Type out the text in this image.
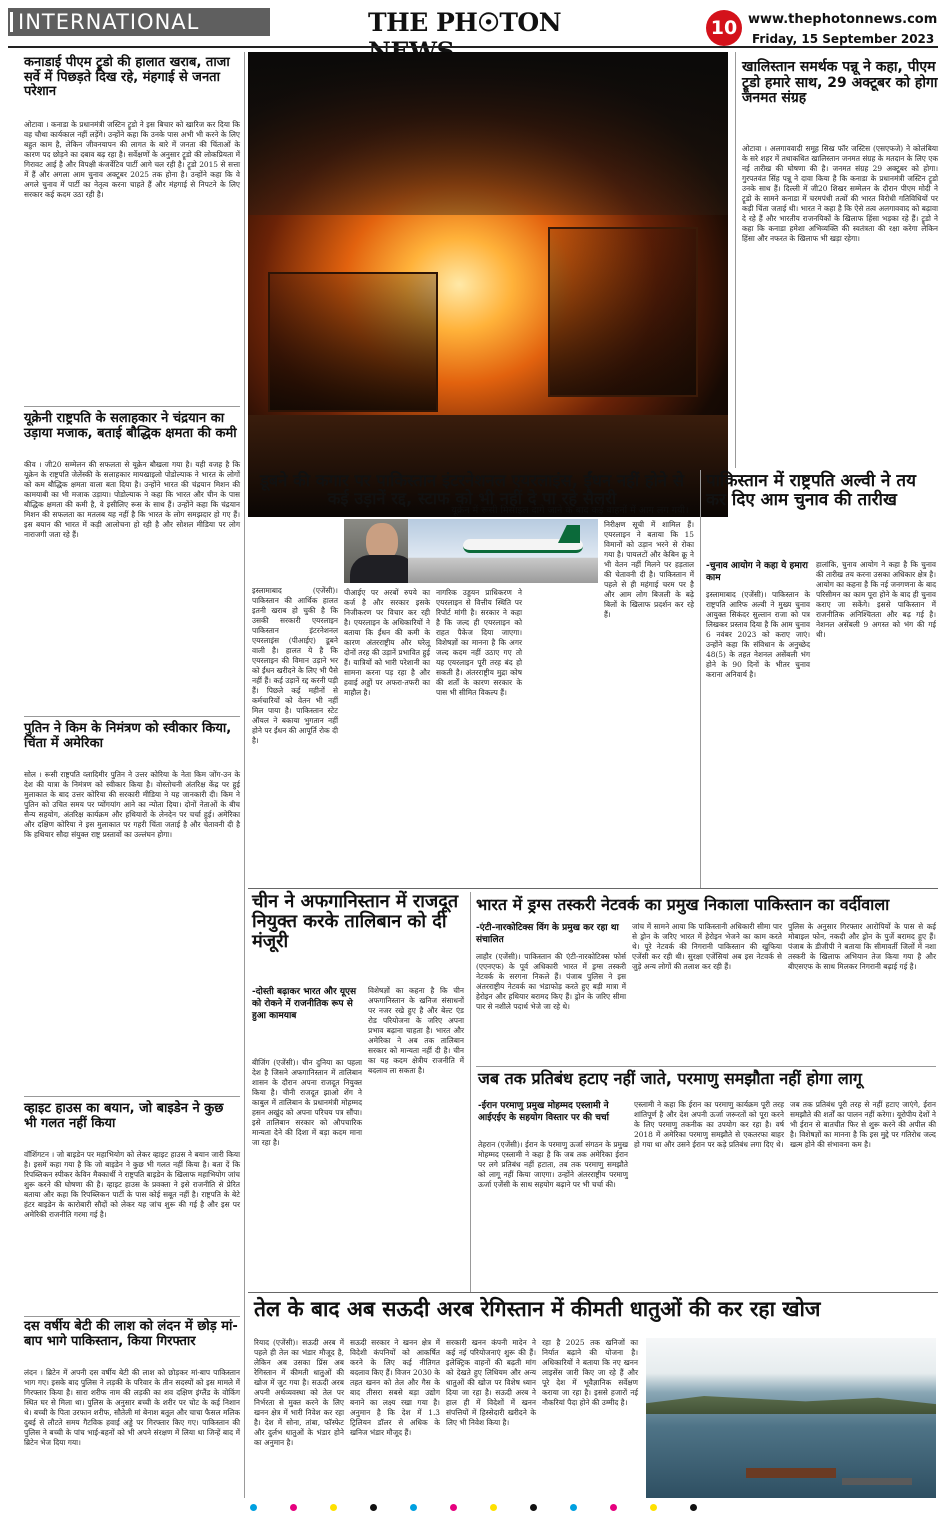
INTERNATIONAL	THE PH☉TON	10 www.thephotonnews.com
Friday, 15 September 2023
कनाडाई पीएम ट्रूडो की हालात खराब, ताजा सर्वे में पिछड़ते दिख रहे, मंहगाई से जनता परेशान
ओटावा । कनाडा के प्रधानमंत्री जस्टिन ट्रूडो ने इस बिचार को खारिज कर दिया कि वह चौथा कार्यकाल नहीं लड़ेंगे। उन्होंने कहा कि उनके पास अभी भी करने के लिए बहुत काम है, लेकिन जीवनयापन की लागत के बारे में जनता की चिंताओं के कारण पद छोड़ने का दबाव बढ़ रहा है। सर्वेक्षणों के अनुसार ट्रूडो की लोकप्रियता में गिरावट आई है और विपक्षी कंजर्वेटिव पार्टी आगे चल रही है। ट्रूडो 2015 से सत्ता में हैं और अगला आम चुनाव अक्टूबर 2025 तक होना है। उन्होंने कहा कि वे अगले चुनाव में पार्टी का नेतृत्व करना चाहते हैं और मंहगाई से निपटने के लिए सरकार कई कदम उठा रही है।
यूक्रेनी राष्ट्रपति के सलाहकार ने चंद्रयान का उड़ाया मजाक, बताई बौद्धिक क्षमता की कमी
कीव । जी20 सम्मेलन की सफलता से यूक्रेन बौखला गया है। यही वजह है कि यूक्रेन के राष्ट्रपति जेलेंस्की के सलाहकार मायखाइलो पोडोल्याक ने भारत के लोगों को कम बौद्धिक क्षमता वाला बता दिया है। उन्होंने भारत की चंद्रयान मिशन की कामयाबी का भी मजाक उड़ाया। पोडोल्याक ने कहा कि भारत और चीन के पास बौद्धिक क्षमता की कमी है, वे इसीलिए रूस के साथ हैं। उन्होंने कहा कि चंद्रयान मिशन की सफलता का मतलब यह नहीं है कि भारत के लोग समझदार हो गए हैं। इस बयान की भारत में कड़ी आलोचना हो रही है और सोशल मीडिया पर लोग नाराजगी जता रहे हैं।
पुतिन ने किम के निमंत्रण को स्वीकार किया, चिंता में अमेरिका
सोल । रूसी राष्ट्रपति व्लादिमीर पुतिन ने उत्तर कोरिया के नेता किम जोंग-उन के देश की यात्रा के निमंत्रण को स्वीकार किया है। वोस्तोचनी अंतरिक्ष केंद्र पर हुई मुलाकात के बाद उत्तर कोरिया की सरकारी मीडिया ने यह जानकारी दी। किम ने पुतिन को उचित समय पर प्योंगयांग आने का न्योता दिया। दोनों नेताओं के बीच सैन्य सहयोग, अंतरिक्ष कार्यक्रम और हथियारों के लेनदेन पर चर्चा हुई। अमेरिका और दक्षिण कोरिया ने इस मुलाकात पर गहरी चिंता जताई है और चेतावनी दी है कि हथियार सौदा संयुक्त राष्ट्र प्रस्तावों का उल्लंघन होगा।
व्हाइट हाउस का बयान, जो बाइडेन ने कुछ भी गलत नहीं किया
वॉशिंगटन । जो बाइडेन पर महाभियोग को लेकर व्हाइट हाउस ने बयान जारी किया है। इसमें कहा गया है कि जो बाइडेन ने कुछ भी गलत नहीं किया है। बता दें कि रिपब्लिकन स्पीकर केविन मैक्कार्थी ने राष्ट्रपति बाइडेन के खिलाफ महाभियोग जांच शुरू करने की घोषणा की है। व्हाइट हाउस के प्रवक्ता ने इसे राजनीति से प्रेरित बताया और कहा कि रिपब्लिकन पार्टी के पास कोई सबूत नहीं है। राष्ट्रपति के बेटे हंटर बाइडेन के कारोबारी सौदों को लेकर यह जांच शुरू की गई है और इस पर अमेरिकी राजनीति गरमा गई है।
दस वर्षीय बेटी की लाश को लंदन में छोड़ मां-बाप भागे पाकिस्तान, किया गिरफ्तार
लंदन । ब्रिटेन में अपनी दस वर्षीय बेटी की लाश को छोड़कर मां-बाप पाकिस्तान भाग गए। इसके बाद पुलिस ने लड़की के परिवार के तीन सदस्यों को इस मामले में गिरफ्तार किया है। सारा शरीफ नाम की लड़की का शव दक्षिण इंग्लैंड के वोकिंग स्थित घर से मिला था। पुलिस के अनुसार बच्ची के शरीर पर चोट के कई निशान थे। बच्ची के पिता उरफान शरीफ, सौतेली मां बेनाश बतूल और चाचा फैसल मलिक दुबई से लौटते समय गैटविक हवाई अड्डे पर गिरफ्तार किए गए। पाकिस्तान की पुलिस ने बच्ची के पांच भाई-बहनों को भी अपने संरक्षण में लिया था जिन्हें बाद में ब्रिटेन भेज दिया गया।
यूक्रेन में रूसी मिसाइल दागे जाने के बाद कई वाहनों में आग लग गयी।
खालिस्तान समर्थक पन्नू ने कहा, पीएम ट्रूडो हमारे साथ, 29 अक्टूबर को होगा जनमत संग्रह
ओटावा । अलगाववादी समूह सिख फॉर जस्टिस (एसएफजे) ने कोलंबिया के सरे शहर में तथाकथित खालिस्तान जनमत संग्रह के मतदान के लिए एक नई तारीख की घोषणा की है। जनमत संग्रह 29 अक्टूबर को होगा। गुरपतवंत सिंह पन्नू ने दावा किया है कि कनाडा के प्रधानमंत्री जस्टिन ट्रूडो उनके साथ हैं। दिल्ली में जी20 शिखर सम्मेलन के दौरान पीएम मोदी ने ट्रूडो के सामने कनाडा में चरमपंथी तत्वों की भारत विरोधी गतिविधियों पर कड़ी चिंता जताई थी। भारत ने कहा है कि ऐसे तत्व अलगाववाद को बढ़ावा दे रहे हैं और भारतीय राजनयिकों के खिलाफ हिंसा भड़का रहे हैं। ट्रूडो ने कहा कि कनाडा हमेशा अभिव्यक्ति की स्वतंत्रता की रक्षा करेगा लेकिन हिंसा और नफरत के खिलाफ भी खड़ा रहेगा।
डूबने की कगार पर पाकिस्तान इंटरनेशनल एयरलाइंस, ईंधन नहीं होने से कई उड़ानें रद्द, स्टाफ को भी नहीं दे पा रहे सैलरी
इस्लामाबाद (एजेंसी)। पाकिस्तान की आर्थिक हालत इतनी खराब हो चुकी है कि उसकी सरकारी एयरलाइन पाकिस्तान इंटरनेशनल एयरलाइंस (पीआईए) डूबने वाली है। हालत ये है कि एयरलाइन की विमान उड़ाने भर को ईंधन खरीदने के लिए भी पैसे नहीं हैं। कई उड़ानें रद्द करनी पड़ी हैं। पिछले कई महीनों से कर्मचारियों को वेतन भी नहीं मिल पाया है। पाकिस्तान स्टेट ऑयल ने बकाया भुगतान नहीं होने पर ईंधन की आपूर्ति रोक दी है।
पीआईए पर अरबों रुपये का कर्ज है और सरकार इसके निजीकरण पर विचार कर रही है। एयरलाइन के अधिकारियों ने बताया कि ईंधन की कमी के कारण अंतरराष्ट्रीय और घरेलू दोनों तरह की उड़ानें प्रभावित हुई हैं। यात्रियों को भारी परेशानी का सामना करना पड़ रहा है और हवाई अड्डों पर अफरा-तफरी का माहौल है।
नागरिक उड्डयन प्राधिकरण ने एयरलाइन से वित्तीय स्थिति पर रिपोर्ट मांगी है। सरकार ने कहा है कि जल्द ही एयरलाइन को राहत पैकेज दिया जाएगा। विशेषज्ञों का मानना है कि अगर जल्द कदम नहीं उठाए गए तो यह एयरलाइन पूरी तरह बंद हो सकती है। अंतरराष्ट्रीय मुद्रा कोष की शर्तों के कारण सरकार के पास भी सीमित विकल्प हैं।
निरीक्षण सूची में शामिल हैं। एयरलाइन ने बताया कि 15 विमानों को उड़ान भरने से रोका गया है। पायलटों और केबिन क्रू ने भी वेतन नहीं मिलने पर हड़ताल की चेतावनी दी है। पाकिस्तान में पहले से ही महंगाई चरम पर है और आम लोग बिजली के बढ़े बिलों के खिलाफ प्रदर्शन कर रहे हैं।
पाकिस्तान में राष्ट्रपति अल्वी ने तय कर दिए आम चुनाव की तारीख
-चुनाव आयोग ने कहा ये हमारा काम
इस्लामाबाद (एजेंसी)। पाकिस्तान के राष्ट्रपति आरिफ अल्वी ने मुख्य चुनाव आयुक्त सिकंदर सुल्तान राजा को पत्र लिखकर प्रस्ताव दिया है कि आम चुनाव 6 नवंबर 2023 को कराए जाएं। उन्होंने कहा कि संविधान के अनुच्छेद 48(5) के तहत नेशनल असेंबली भंग होने के 90 दिनों के भीतर चुनाव कराना अनिवार्य है।
हालांकि, चुनाव आयोग ने कहा है कि चुनाव की तारीख तय करना उसका अधिकार क्षेत्र है। आयोग का कहना है कि नई जनगणना के बाद परिसीमन का काम पूरा होने के बाद ही चुनाव कराए जा सकेंगे। इससे पाकिस्तान में राजनीतिक अनिश्चितता और बढ़ गई है। नेशनल असेंबली 9 अगस्त को भंग की गई थी।
चीन ने अफगानिस्तान में राजदूत नियुक्त करके तालिबान को दी मंजूरी
-दोस्ती बढ़ाकर भारत और यूएस को रोकने में राजनीतिक रूप से हुआ कामयाब
बीजिंग (एजेंसी)। चीन दुनिया का पहला देश है जिसने अफगानिस्तान में तालिबान शासन के दौरान अपना राजदूत नियुक्त किया है। चीनी राजदूत झाओ शेंग ने काबुल में तालिबान के प्रधानमंत्री मोहम्मद हसन अखुंद को अपना परिचय पत्र सौंपा। इसे तालिबान सरकार को औपचारिक मान्यता देने की दिशा में बड़ा कदम माना जा रहा है।
विशेषज्ञों का कहना है कि चीन अफगानिस्तान के खनिज संसाधनों पर नजर रखे हुए है और बेल्ट एंड रोड परियोजना के जरिए अपना प्रभाव बढ़ाना चाहता है। भारत और अमेरिका ने अब तक तालिबान सरकार को मान्यता नहीं दी है। चीन का यह कदम क्षेत्रीय राजनीति में बदलाव ला सकता है।
भारत में ड्रग्स तस्करी नेटवर्क का प्रमुख निकाला पाकिस्तान का वर्दीवाला
-एंटी-नारकोटिक्स विंग के प्रमुख कर रहा था संचालित
लाहौर (एजेंसी)। पाकिस्तान की एंटी-नारकोटिक्स फोर्स (एएनएफ) के पूर्व अधिकारी भारत में ड्रग्स तस्करी नेटवर्क के सरगना निकले हैं। पंजाब पुलिस ने इस अंतरराष्ट्रीय नेटवर्क का भंडाफोड़ करते हुए बड़ी मात्रा में हेरोइन और हथियार बरामद किए हैं। ड्रोन के जरिए सीमा पार से नशीले पदार्थ भेजे जा रहे थे।
जांच में सामने आया कि पाकिस्तानी अधिकारी सीमा पार से ड्रोन के जरिए भारत में हेरोइन भेजने का काम करते थे। पूरे नेटवर्क की निगरानी पाकिस्तान की खुफिया एजेंसी कर रही थी। सुरक्षा एजेंसियां अब इस नेटवर्क से जुड़े अन्य लोगों की तलाश कर रही हैं।
पुलिस के अनुसार गिरफ्तार आरोपियों के पास से कई मोबाइल फोन, नकदी और ड्रोन के पुर्जे बरामद हुए हैं। पंजाब के डीजीपी ने बताया कि सीमावर्ती जिलों में नशा तस्करी के खिलाफ अभियान तेज किया गया है और बीएसएफ के साथ मिलकर निगरानी बढ़ाई गई है।
जब तक प्रतिबंध हटाए नहीं जाते, परमाणु समझौता नहीं होगा लागू
-ईरान परमाणु प्रमुख मोहम्मद एस्लामी ने आईएईए के सहयोग विस्तार पर की चर्चा
तेहरान (एजेंसी)। ईरान के परमाणु ऊर्जा संगठन के प्रमुख मोहम्मद एस्लामी ने कहा है कि जब तक अमेरिका ईरान पर लगे प्रतिबंध नहीं हटाता, तब तक परमाणु समझौते को लागू नहीं किया जाएगा। उन्होंने अंतरराष्ट्रीय परमाणु ऊर्जा एजेंसी के साथ सहयोग बढ़ाने पर भी चर्चा की।
एस्लामी ने कहा कि ईरान का परमाणु कार्यक्रम पूरी तरह शांतिपूर्ण है और देश अपनी ऊर्जा जरूरतों को पूरा करने के लिए परमाणु तकनीक का उपयोग कर रहा है। वर्ष 2018 में अमेरिका परमाणु समझौते से एकतरफा बाहर हो गया था और उसने ईरान पर कड़े प्रतिबंध लगा दिए थे।
जब तक प्रतिबंध पूरी तरह से नहीं हटाए जाएंगे, ईरान समझौते की शर्तों का पालन नहीं करेगा। यूरोपीय देशों ने भी ईरान से बातचीत फिर से शुरू करने की अपील की है। विशेषज्ञों का मानना है कि इस मुद्दे पर गतिरोध जल्द खत्म होने की संभावना कम है।
तेल के बाद अब सऊदी अरब रेगिस्तान में कीमती धातुओं की कर रहा खोज
रियाद (एजेंसी)। सऊदी अरब में पहले ही तेल का भंडार मौजूद है, लेकिन अब उसका प्रिंस अब रेगिस्तान में कीमती धातुओं की खोज में जुट गया है। सऊदी अरब अपनी अर्थव्यवस्था को तेल पर निर्भरता से मुक्त करने के लिए खनन क्षेत्र में भारी निवेश कर रहा है। देश में सोना, तांबा, फॉस्फेट और दुर्लभ धातुओं के भंडार होने का अनुमान है।
सऊदी सरकार ने खनन क्षेत्र में विदेशी कंपनियों को आकर्षित करने के लिए कई नीतिगत बदलाव किए हैं। विजन 2030 के तहत खनन को तेल और गैस के बाद तीसरा सबसे बड़ा उद्योग बनाने का लक्ष्य रखा गया है। अनुमान है कि देश में 1.3 ट्रिलियन डॉलर से अधिक के खनिज भंडार मौजूद हैं।
सरकारी खनन कंपनी मादेन ने कई नई परियोजनाएं शुरू की हैं। इलेक्ट्रिक वाहनों की बढ़ती मांग को देखते हुए लिथियम और अन्य धातुओं की खोज पर विशेष ध्यान दिया जा रहा है। सऊदी अरब ने हाल ही में विदेशों में खनन संपत्तियों में हिस्सेदारी खरीदने के लिए भी निवेश किया है।
रहा है 2025 तक खनिजों का निर्यात बढ़ाने की योजना है। अधिकारियों ने बताया कि नए खनन लाइसेंस जारी किए जा रहे हैं और पूरे देश में भूवैज्ञानिक सर्वेक्षण कराया जा रहा है। इससे हजारों नई नौकरियां पैदा होने की उम्मीद है।
